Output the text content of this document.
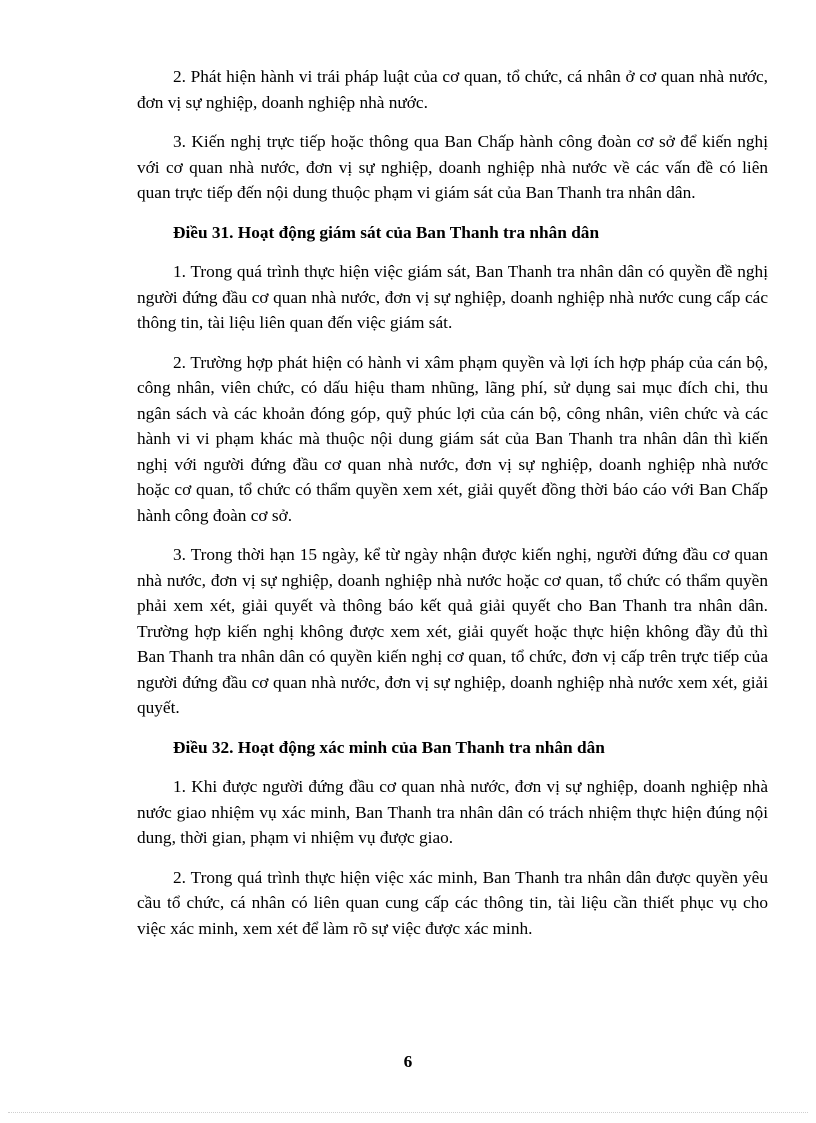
2. Phát hiện hành vi trái pháp luật của cơ quan, tổ chức, cá nhân ở cơ quan nhà nước, đơn vị sự nghiệp, doanh nghiệp nhà nước.

3. Kiến nghị trực tiếp hoặc thông qua Ban Chấp hành công đoàn cơ sở để kiến nghị với cơ quan nhà nước, đơn vị sự nghiệp, doanh nghiệp nhà nước về các vấn đề có liên quan trực tiếp đến nội dung thuộc phạm vi giám sát của Ban Thanh tra nhân dân.

Điều 31. Hoạt động giám sát của Ban Thanh tra nhân dân

1. Trong quá trình thực hiện việc giám sát, Ban Thanh tra nhân dân có quyền đề nghị người đứng đầu cơ quan nhà nước, đơn vị sự nghiệp, doanh nghiệp nhà nước cung cấp các thông tin, tài liệu liên quan đến việc giám sát.

2. Trường hợp phát hiện có hành vi xâm phạm quyền và lợi ích hợp pháp của cán bộ, công nhân, viên chức, có dấu hiệu tham nhũng, lãng phí, sử dụng sai mục đích chi, thu ngân sách và các khoản đóng góp, quỹ phúc lợi của cán bộ, công nhân, viên chức và các hành vi vi phạm khác mà thuộc nội dung giám sát của Ban Thanh tra nhân dân thì kiến nghị với người đứng đầu cơ quan nhà nước, đơn vị sự nghiệp, doanh nghiệp nhà nước hoặc cơ quan, tổ chức có thẩm quyền xem xét, giải quyết đồng thời báo cáo với Ban Chấp hành công đoàn cơ sở.

3. Trong thời hạn 15 ngày, kể từ ngày nhận được kiến nghị, người đứng đầu cơ quan nhà nước, đơn vị sự nghiệp, doanh nghiệp nhà nước hoặc cơ quan, tổ chức có thẩm quyền phải xem xét, giải quyết và thông báo kết quả giải quyết cho Ban Thanh tra nhân dân. Trường hợp kiến nghị không được xem xét, giải quyết hoặc thực hiện không đầy đủ thì Ban Thanh tra nhân dân có quyền kiến nghị cơ quan, tổ chức, đơn vị cấp trên trực tiếp của người đứng đầu cơ quan nhà nước, đơn vị sự nghiệp, doanh nghiệp nhà nước xem xét, giải quyết.

Điều 32. Hoạt động xác minh của Ban Thanh tra nhân dân

1. Khi được người đứng đầu cơ quan nhà nước, đơn vị sự nghiệp, doanh nghiệp nhà nước giao nhiệm vụ xác minh, Ban Thanh tra nhân dân có trách nhiệm thực hiện đúng nội dung, thời gian, phạm vi nhiệm vụ được giao.

2. Trong quá trình thực hiện việc xác minh, Ban Thanh tra nhân dân được quyền yêu cầu tổ chức, cá nhân có liên quan cung cấp các thông tin, tài liệu cần thiết phục vụ cho việc xác minh, xem xét để làm rõ sự việc được xác minh.

6
